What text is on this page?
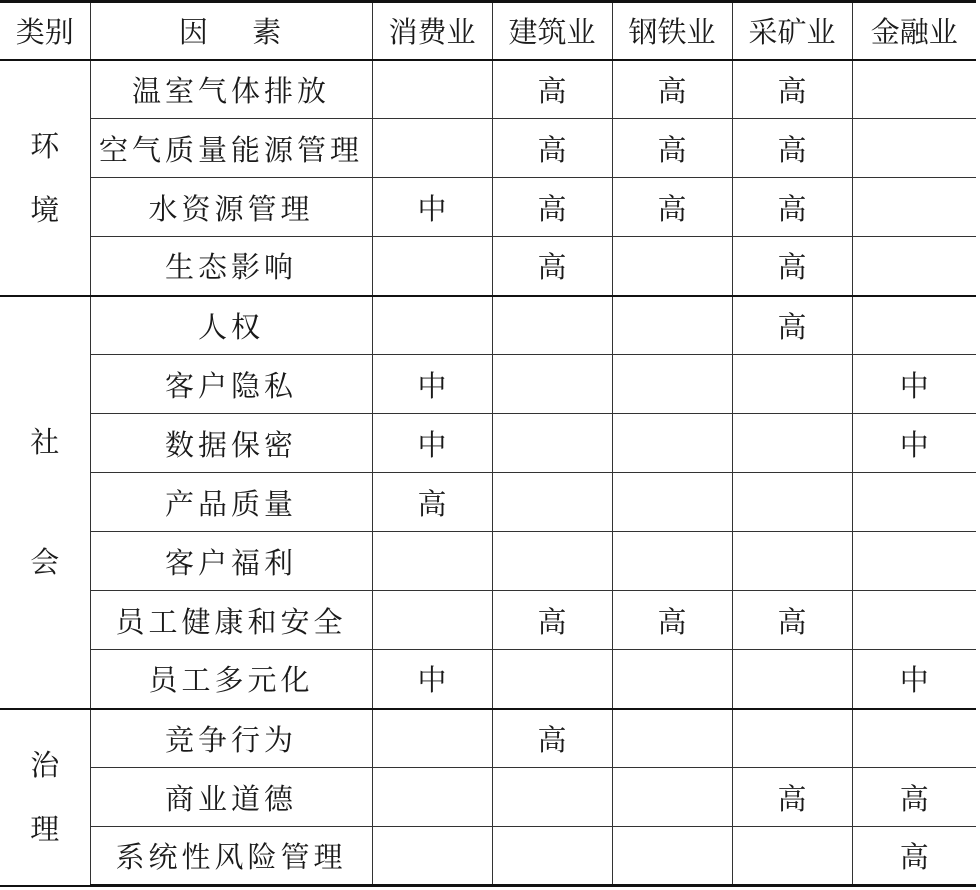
类别	因　 素	消费业	建筑业	钢铁业	采矿业	金融业

环
境	温室气体排放		高	高	高	
	空气质量能源管理		高	高	高	
	水资源管理	中	高	高	高	
	生态影响		高		高	

社
会	人权				高	
	客户隐私	中				中
	数据保密	中				中
	产品质量	高				
	客户福利					
	员工健康和安全		高	高	高	
	员工多元化	中				中

治
理	竞争行为		高			
	商业道德				高	高
	系统性风险管理					高
